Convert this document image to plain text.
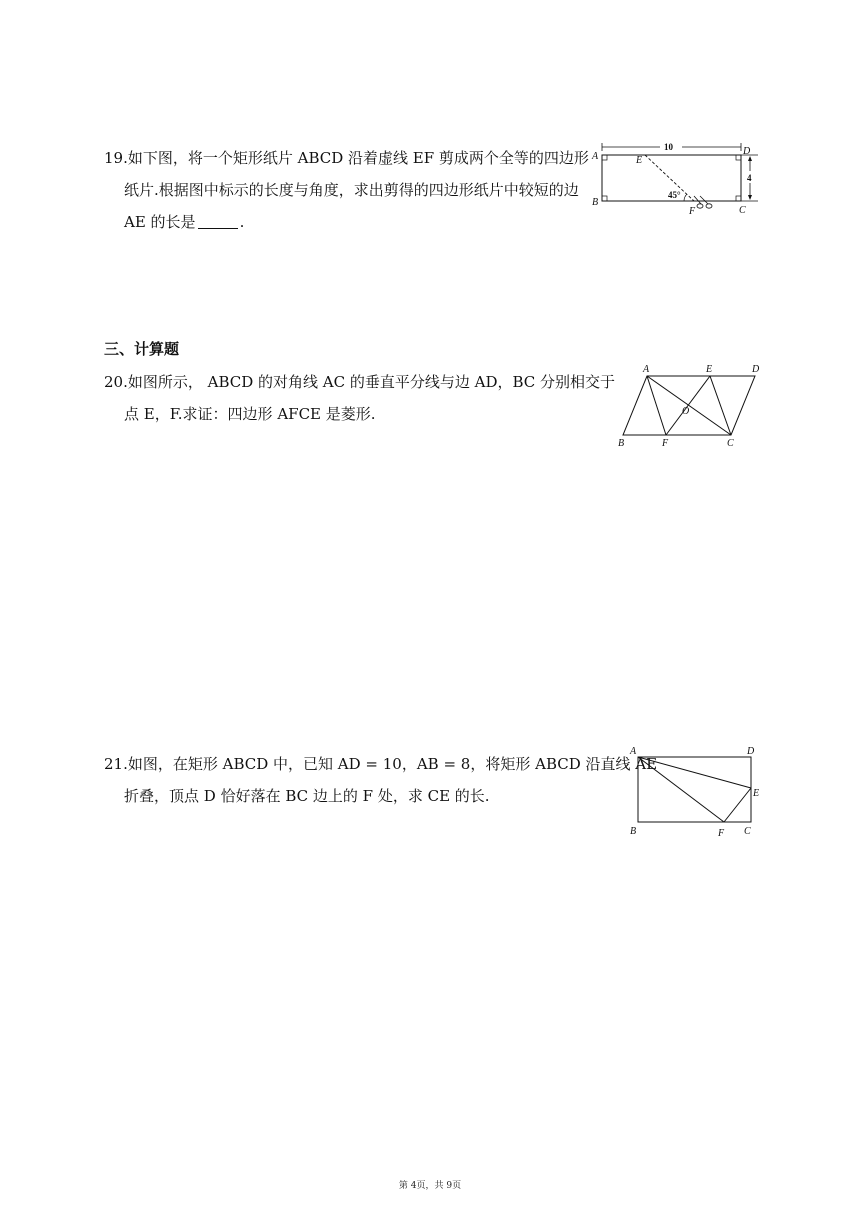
19.如下图，将一个矩形纸片 ABCD 沿着虚线 EF 剪成两个全等的四边形
纸片.根据图中标示的长度与角度，求出剪得的四边形纸片中较短的边
AE 的长是	.
10
4
45°
A
B
C
D
E
F
三、计算题
20.如图所示， ABCD 的对角线 AC 的垂直平分线与边 AD，BC 分别相交于
点 E，F.求证：四边形 AFCE 是菱形.
A	E	D
B	F	C
O
21.如图，在矩形 ABCD 中，已知 AD = 10，AB = 8，将矩形 ABCD 沿直线 AE
折叠，顶点 D 恰好落在 BC 边上的 F 处，求 CE 的长.
A	D
B	C
E
F
第 4页，共 9页
